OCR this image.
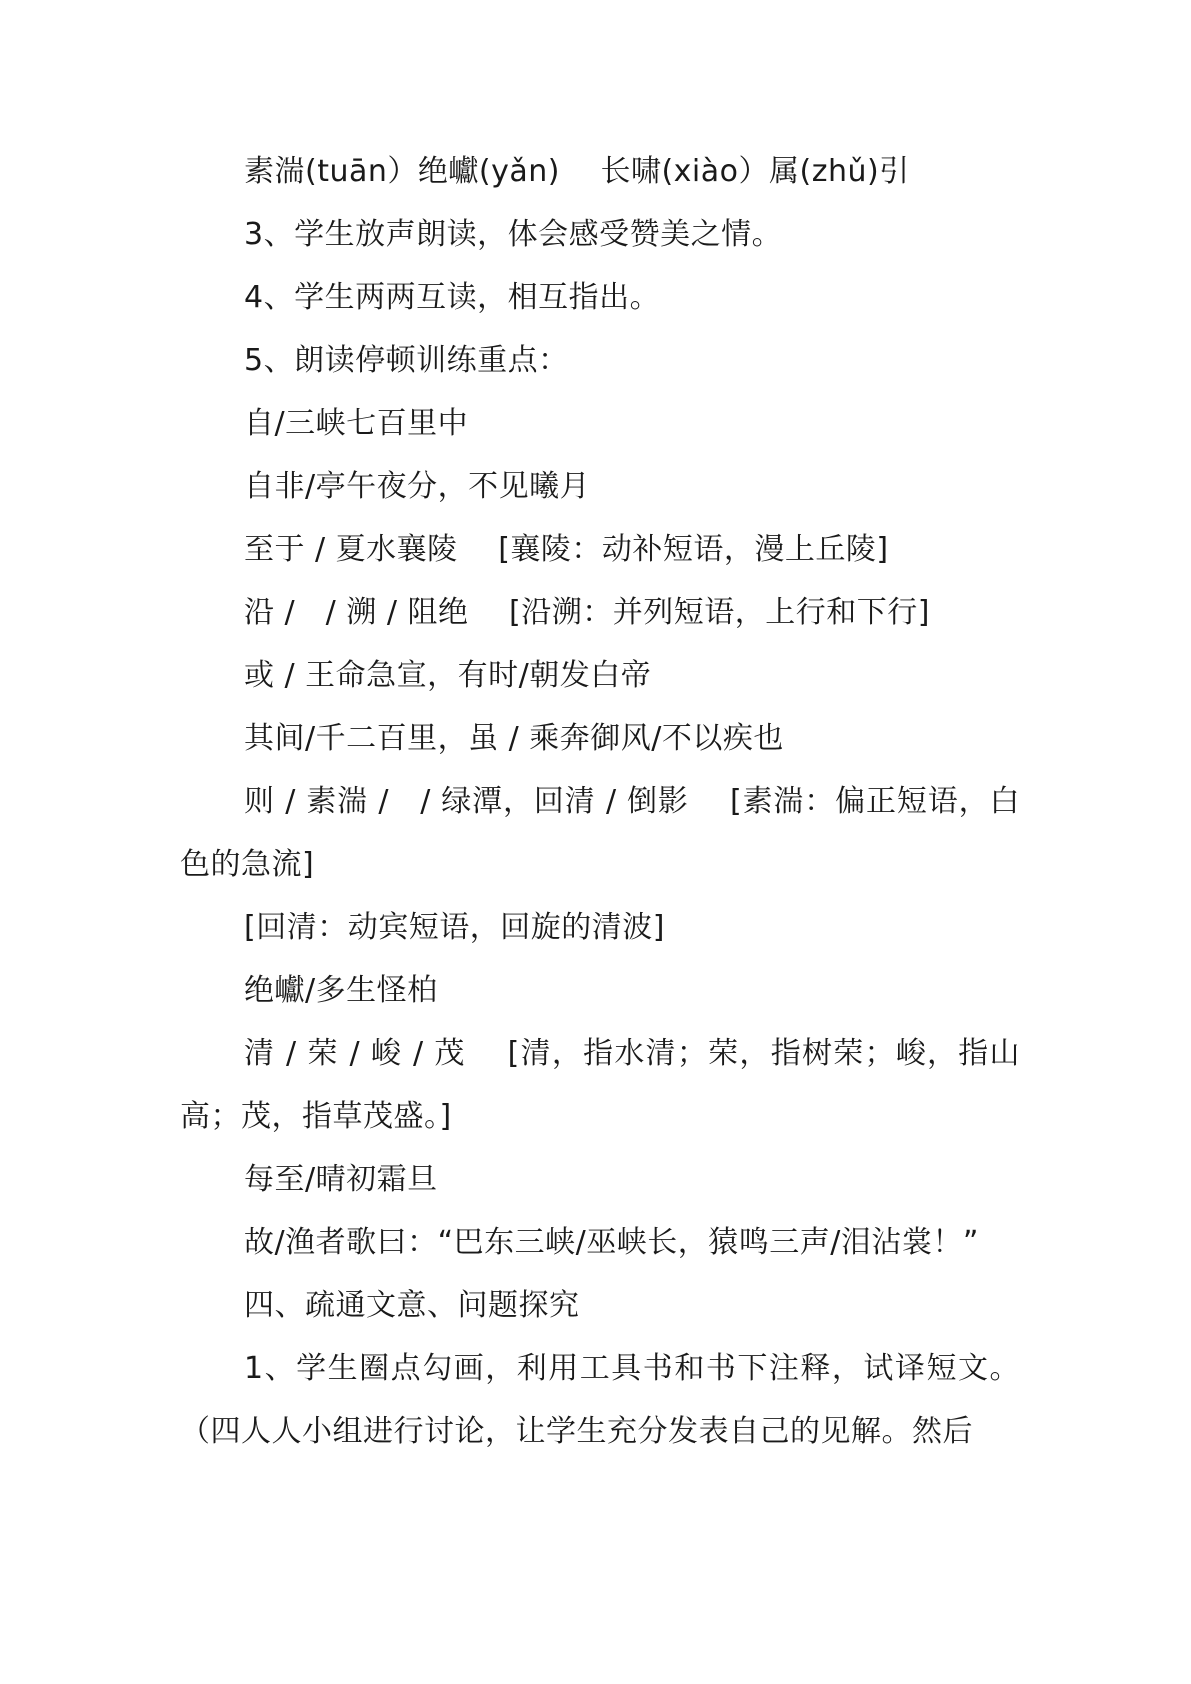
素湍(tuān）绝巘(yǎn)　 长啸(xiào）属(zhǔ)引

3、学生放声朗读，体会感受赞美之情。

4、学生两两互读，相互指出。

5、朗读停顿训练重点：

自/三峡七百里中

自非/亭午夜分，不见曦月

至于 / 夏水襄陵　 [襄陵：动补短语，漫上丘陵]

沿 /　/ 溯 / 阻绝　 [沿溯：并列短语，上行和下行]

或 / 王命急宣，有时/朝发白帝

其间/千二百里，虽 / 乘奔御风/不以疾也

则 / 素湍 /　/ 绿潭，回清 / 倒影　 [素湍：偏正短语，白色的急流]

[回清：动宾短语，回旋的清波]

绝巘/多生怪柏

清 / 荣 / 峻 / 茂　 [清，指水清；荣，指树荣；峻，指山高；茂，指草茂盛。]

每至/晴初霜旦

故/渔者歌曰：“巴东三峡/巫峡长，猿鸣三声/泪沾裳！”

四、疏通文意、问题探究

1、学生圈点勾画，利用工具书和书下注释，试译短文。（四人人小组进行讨论，让学生充分发表自己的见解。然后
